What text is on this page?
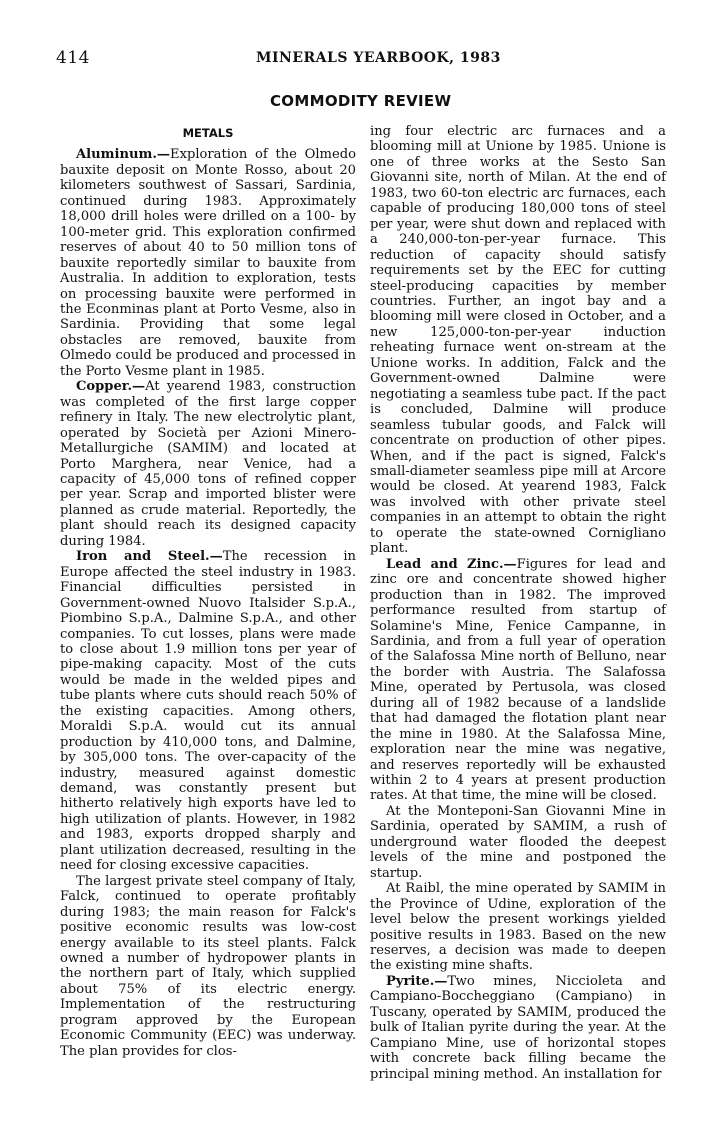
414	MINERALS YEARBOOK, 1983
COMMODITY REVIEW
METALS

Aluminum.—Exploration of the Olmedo bauxite deposit on Monte Rosso, about 20 kilometers southwest of Sassari, Sardinia, continued during 1983. Approximately 18,000 drill holes were drilled on a 100- by 100-meter grid. This exploration confirmed reserves of about 40 to 50 million tons of bauxite reportedly similar to bauxite from Australia. In addition to exploration, tests on processing bauxite were performed in the Econminas plant at Porto Vesme, also in Sardinia. Providing that some legal obstacles are removed, bauxite from Olmedo could be produced and processed in the Porto Vesme plant in 1985.

Copper.—At yearend 1983, construction was completed of the first large copper refinery in Italy. The new electrolytic plant, operated by Società per Azioni Minero-Metallurgiche (SAMIM) and located at Porto Marghera, near Venice, had a capacity of 45,000 tons of refined copper per year. Scrap and imported blister were planned as crude material. Reportedly, the plant should reach its designed capacity during 1984.

Iron and Steel.—The recession in Europe affected the steel industry in 1983. Financial difficulties persisted in Government-owned Nuovo Italsider S.p.A., Piombino S.p.A., Dalmine S.p.A., and other companies. To cut losses, plans were made to close about 1.9 million tons per year of pipe-making capacity. Most of the cuts would be made in the welded pipes and tube plants where cuts should reach 50% of the existing capacities. Among others, Moraldi S.p.A. would cut its annual production by 410,000 tons, and Dalmine, by 305,000 tons. The over-capacity of the industry, measured against domestic demand, was constantly present but hitherto relatively high exports have led to high utilization of plants. However, in 1982 and 1983, exports dropped sharply and plant utilization decreased, resulting in the need for closing excessive capacities.

The largest private steel company of Italy, Falck, continued to operate profitably during 1983; the main reason for Falck's positive economic results was low-cost energy available to its steel plants. Falck owned a number of hydropower plants in the northern part of Italy, which supplied about 75% of its electric energy. Implementation of the restructuring program approved by the European Economic Community (EEC) was underway. The plan provides for clos-

ing four electric arc furnaces and a blooming mill at Unione by 1985. Unione is one of three works at the Sesto San Giovanni site, north of Milan. At the end of 1983, two 60-ton electric arc furnaces, each capable of producing 180,000 tons of steel per year, were shut down and replaced with a 240,000-ton-per-year furnace. This reduction of capacity should satisfy requirements set by the EEC for cutting steel-producing capacities by member countries. Further, an ingot bay and a blooming mill were closed in October, and a new 125,000-ton-per-year induction reheating furnace went on-stream at the Unione works. In addition, Falck and the Government-owned Dalmine were negotiating a seamless tube pact. If the pact is concluded, Dalmine will produce seamless tubular goods, and Falck will concentrate on production of other pipes. When, and if the pact is signed, Falck's small-diameter seamless pipe mill at Arcore would be closed. At yearend 1983, Falck was involved with other private steel companies in an attempt to obtain the right to operate the state-owned Cornigliano plant.

Lead and Zinc.—Figures for lead and zinc ore and concentrate showed higher production than in 1982. The improved performance resulted from startup of Solamine's Mine, Fenice Campanne, in Sardinia, and from a full year of operation of the Salafossa Mine north of Belluno, near the border with Austria. The Salafossa Mine, operated by Pertusola, was closed during all of 1982 because of a landslide that had damaged the flotation plant near the mine in 1980. At the Salafossa Mine, exploration near the mine was negative, and reserves reportedly will be exhausted within 2 to 4 years at present production rates. At that time, the mine will be closed.

At the Monteponi-San Giovanni Mine in Sardinia, operated by SAMIM, a rush of underground water flooded the deepest levels of the mine and postponed the startup.

At Raibl, the mine operated by SAMIM in the Province of Udine, exploration of the level below the present workings yielded positive results in 1983. Based on the new reserves, a decision was made to deepen the existing mine shafts.

Pyrite.—Two mines, Niccioleta and Campiano-Boccheggiano (Campiano) in Tuscany, operated by SAMIM, produced the bulk of Italian pyrite during the year. At the Campiano Mine, use of horizontal stopes with concrete back filling became the principal mining method. An installation for
